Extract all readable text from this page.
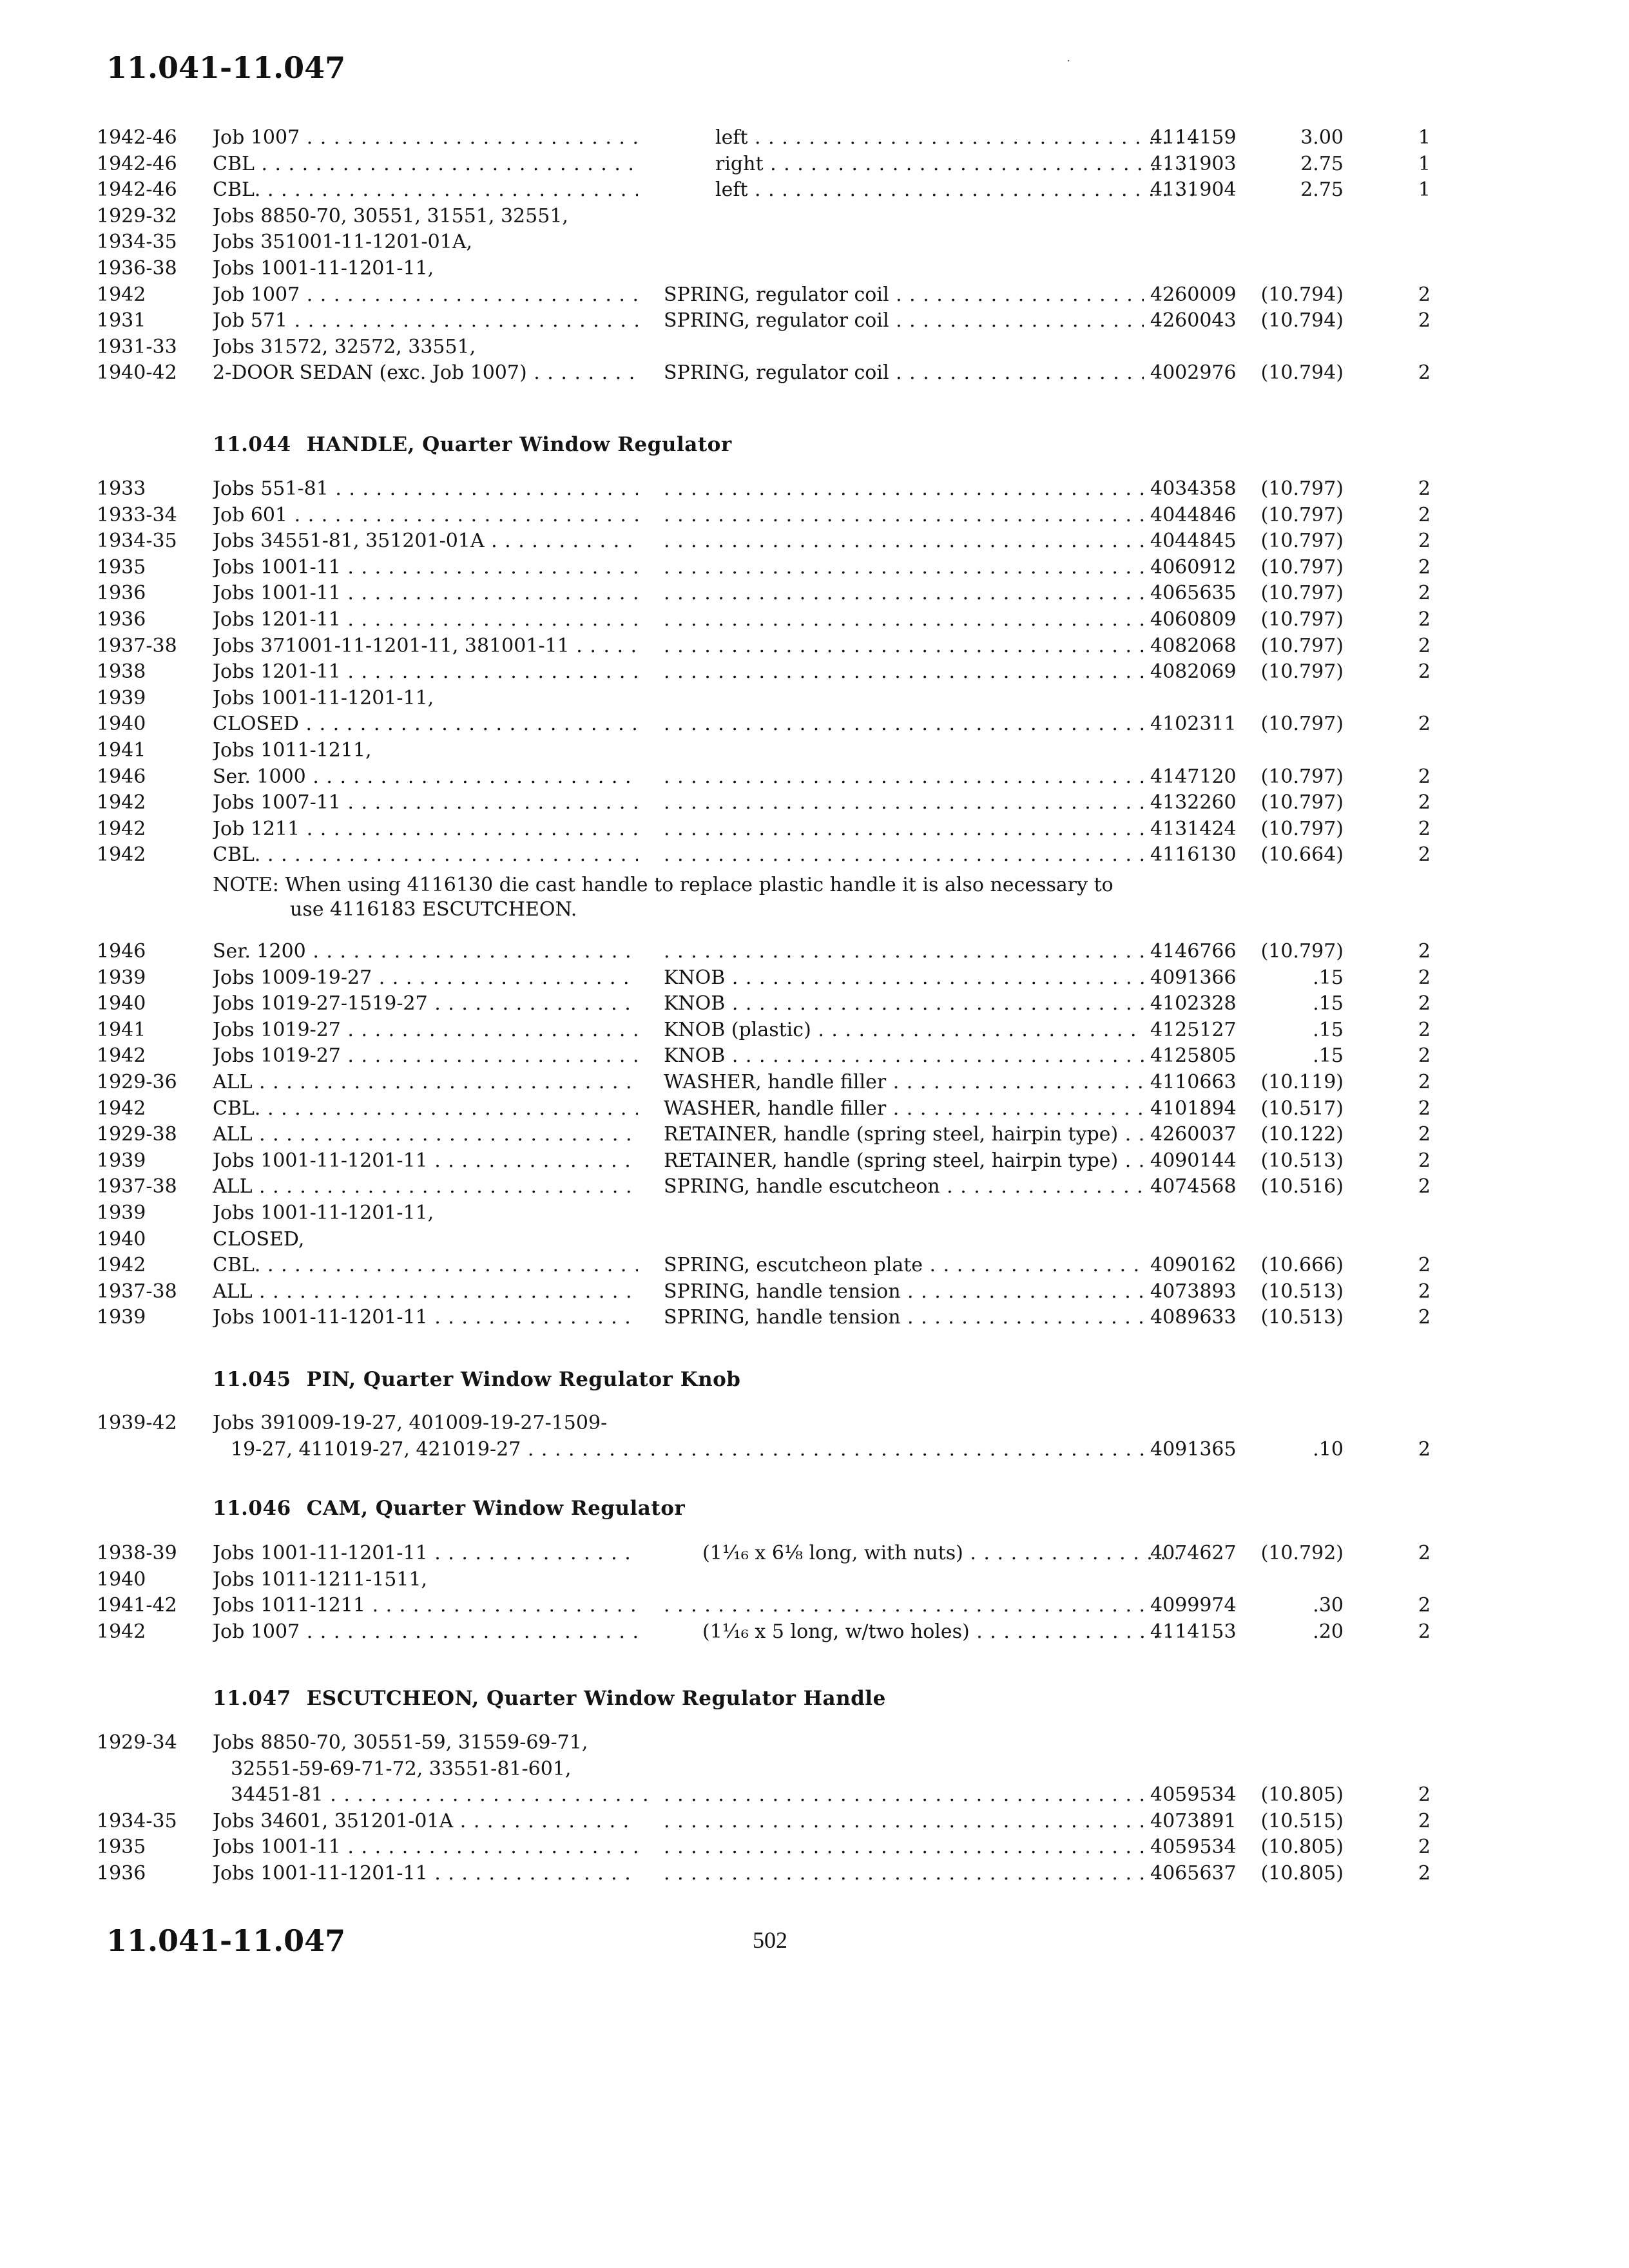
11.041-11.047	·
1942-46	Job 1007 . . .	left . . .	4114159	3.00	1
1942-46	CBL . . .	right . . .	4131903	2.75	1
1942-46	CBL. . . .	left . . .	4131904	2.75	1
1929-32	Jobs 8850-70, 30551, 31551, 32551,
1934-35	Jobs 351001-11-1201-01A,
1936-38	Jobs 1001-11-1201-11,
1942	Job 1007 . . .	SPRING, regulator coil . . .	4260009	(10.794)	2
1931	Job 571 . . .	SPRING, regulator coil . . .	4260043	(10.794)	2
1931-33	Jobs 31572, 32572, 33551,
1940-42	2-DOOR SEDAN (exc. Job 1007) . . .	SPRING, regulator coil . . .	4002976	(10.794)	2
11.044 HANDLE, Quarter Window Regulator
1933	Jobs 551-81 . . . . . .	4034358	(10.797)	2
1933-34	Job 601 . . . . . .	4044846	(10.797)	2
1934-35	Jobs 34551-81, 351201-01A . . . . . .	4044845	(10.797)	2
1935	Jobs 1001-11 . . . . . .	4060912	(10.797)	2
1936	Jobs 1001-11 . . . . . .	4065635	(10.797)	2
1936	Jobs 1201-11 . . . . . .	4060809	(10.797)	2
1937-38	Jobs 371001-11-1201-11, 381001-11 . . . . . .	4082068	(10.797)	2
1938	Jobs 1201-11 . . . . . .	4082069	(10.797)	2
1939	Jobs 1001-11-1201-11,
1940	CLOSED . . . . . .	4102311	(10.797)	2
1941	Jobs 1011-1211,
1946	Ser. 1000 . . . . . .	4147120	(10.797)	2
1942	Jobs 1007-11 . . . . . .	4132260	(10.797)	2
1942	Job 1211 . . . . . .	4131424	(10.797)	2
1942	CBL. . . . . . .	4116130	(10.664)	2
NOTE: When using 4116130 die cast handle to replace plastic handle it is also necessary to
use 4116183 ESCUTCHEON.
1946	Ser. 1200 . . . . . .	4146766	(10.797)	2
1939	Jobs 1009-19-27 . . .	KNOB . . .	4091366	.15	2
1940	Jobs 1019-27-1519-27 . . .	KNOB . . .	4102328	.15	2
1941	Jobs 1019-27 . . .	KNOB (plastic) . . .	4125127	.15	2
1942	Jobs 1019-27 . . .	KNOB . . .	4125805	.15	2
1929-36	ALL . . .	WASHER, handle filler . . .	4110663	(10.119)	2
1942	CBL. . . .	WASHER, handle filler . . .	4101894	(10.517)	2
1929-38	ALL . . .	RETAINER, handle (spring steel, hairpin type) . . .	4260037	(10.122)	2
1939	Jobs 1001-11-1201-11 . . .	RETAINER, handle (spring steel, hairpin type) . . .	4090144	(10.513)	2
1937-38	ALL . . .	SPRING, handle escutcheon . . .	4074568	(10.516)	2
1939	Jobs 1001-11-1201-11,
1940	CLOSED,
1942	CBL. . . .	SPRING, escutcheon plate . . .	4090162	(10.666)	2
1937-38	ALL . . .	SPRING, handle tension . . .	4073893	(10.513)	2
1939	Jobs 1001-11-1201-11 . . .	SPRING, handle tension . . .	4089633	(10.513)	2
11.045 PIN, Quarter Window Regulator Knob
1939-42	Jobs 391009-19-27, 401009-19-27-1509-
19-27, 411019-27, 421019-27 . . . . . .	4091365	.10	2
11.046 CAM, Quarter Window Regulator
1938-39	Jobs 1001-11-1201-11 . . .	(1¹⁄₁₆ x 6⅛ long, with nuts) . . .	4074627	(10.792)	2
1940	Jobs 1011-1211-1511,
1941-42	Jobs 1011-1211 . . . . . .	4099974	.30	2
1942	Job 1007 . . .	(1¹⁄₁₆ x 5 long, w/two holes) . . .	4114153	.20	2
11.047 ESCUTCHEON, Quarter Window Regulator Handle
1929-34	Jobs 8850-70, 30551-59, 31559-69-71,
32551-59-69-71-72, 33551-81-601,
34451-81 . . . . . .	4059534	(10.805)	2
1934-35	Jobs 34601, 351201-01A . . . . . .	4073891	(10.515)	2
1935	Jobs 1001-11 . . . . . .	4059534	(10.805)	2
1936	Jobs 1001-11-1201-11 . . . . . .	4065637	(10.805)	2
11.041-11.047	502
